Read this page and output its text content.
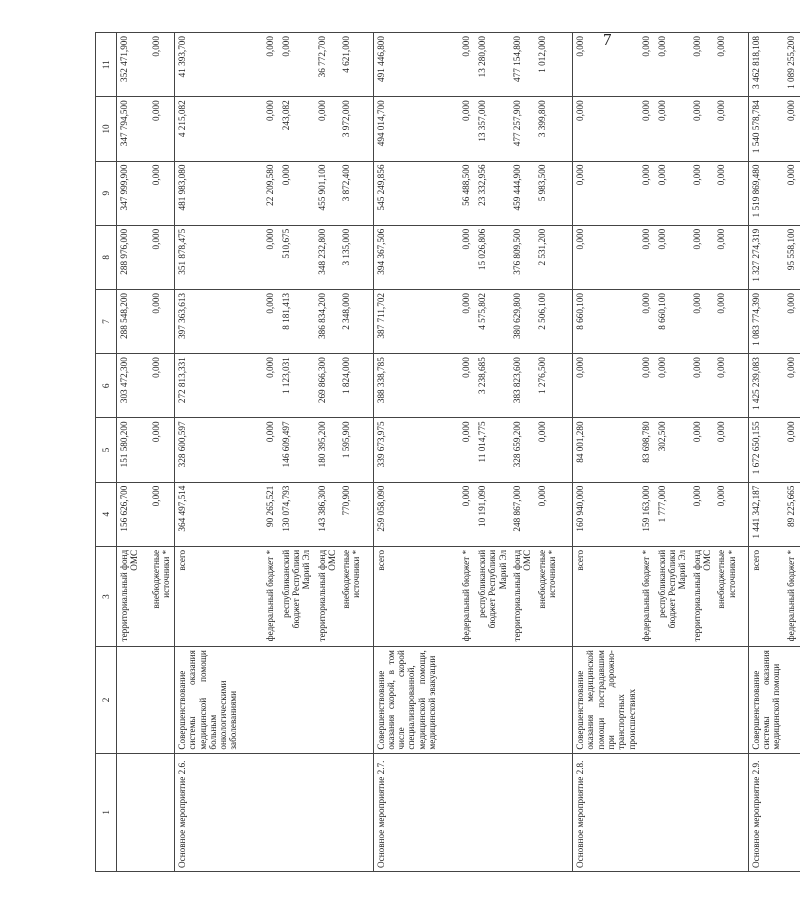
7
1	2	3	4	5	6	7	8	9	10	11
		территориальный фонд ОМС	156 626,700	151 580,200	303 472,300	288 548,200	288 976,000	347 999,900	347 794,500	352 471,900
		внебюджетные источники *	0,000	0,000	0,000	0,000	0,000	0,000	0,000	0,000
Основное мероприятие 2.6.	Совершенствование системы оказания медицинской помощи больным онкологическими заболеваниями	всего	364 497,514	328 600,597	272 813,331	397 363,613	351 878,475	481 983,080	4 215,082	41 393,700
		федеральный бюджет *	90 265,521	0,000	0,000	0,000	0,000	22 209,580	0,000	0,000
		республиканский бюджет Республики Марий Эл	130 074,793	146 609,497	1 123,031	8 181,413	510,675	0,000	243,082	0,000
		территориальный фонд ОМС	143 386,300	180 395,200	269 866,300	386 834,200	348 232,800	455 901,100	0,000	36 772,700
		внебюджетные источники *	770,900	1 595,900	1 824,000	2 348,000	3 135,000	3 872,400	3 972,000	4 621,000
Основное мероприятие 2.7.	Совершенствование оказания скорой, в том числе скорой специализированной, медицинской помощи, медицинской эвакуации	всего	259 058,090	339 673,975	388 338,785	387 711,702	394 367,506	545 249,856	494 014,700	491 446,800
		федеральный бюджет *	0,000	0,000	0,000	0,000	0,000	56 488,500	0,000	0,000
		республиканский бюджет Республики Марий Эл	10 191,090	11 014,775	3 238,685	4 575,802	15 026,806	23 332,956	13 357,000	13 280,000
		территориальный фонд ОМС	248 867,000	328 659,200	383 823,600	380 629,800	376 809,500	459 444,900	477 257,900	477 154,800
		внебюджетные источники *	0,000	0,000	1 276,500	2 506,100	2 531,200	5 983,500	3 399,800	1 012,000
Основное мероприятие 2.8.	Совершенствование оказания медицинской помощи пострадавшим при дорожно-транспортных происшествиях	всего	160 940,000	84 001,280	0,000	8 660,100	0,000	0,000	0,000	0,000
		федеральный бюджет *	159 163,000	83 698,780	0,000	0,000	0,000	0,000	0,000	0,000
		республиканский бюджет Республики Марий Эл	1 777,000	302,500	0,000	8 660,100	0,000	0,000	0,000	0,000
		территориальный фонд ОМС	0,000	0,000	0,000	0,000	0,000	0,000	0,000	0,000
		внебюджетные источники *	0,000	0,000	0,000	0,000	0,000	0,000	0,000	0,000
Основное мероприятие 2.9.	Совершенствование системы оказания медицинской помощи	всего	1 441 342,187	1 672 650,155	1 425 239,083	1 083 774,390	1 327 274,319	1 519 869,480	1 540 578,784	3 462 818,108
		федеральный бюджет *	89 225,665	0,000	0,000	0,000	95 558,100	0,000	0,000	1 089 255,200
